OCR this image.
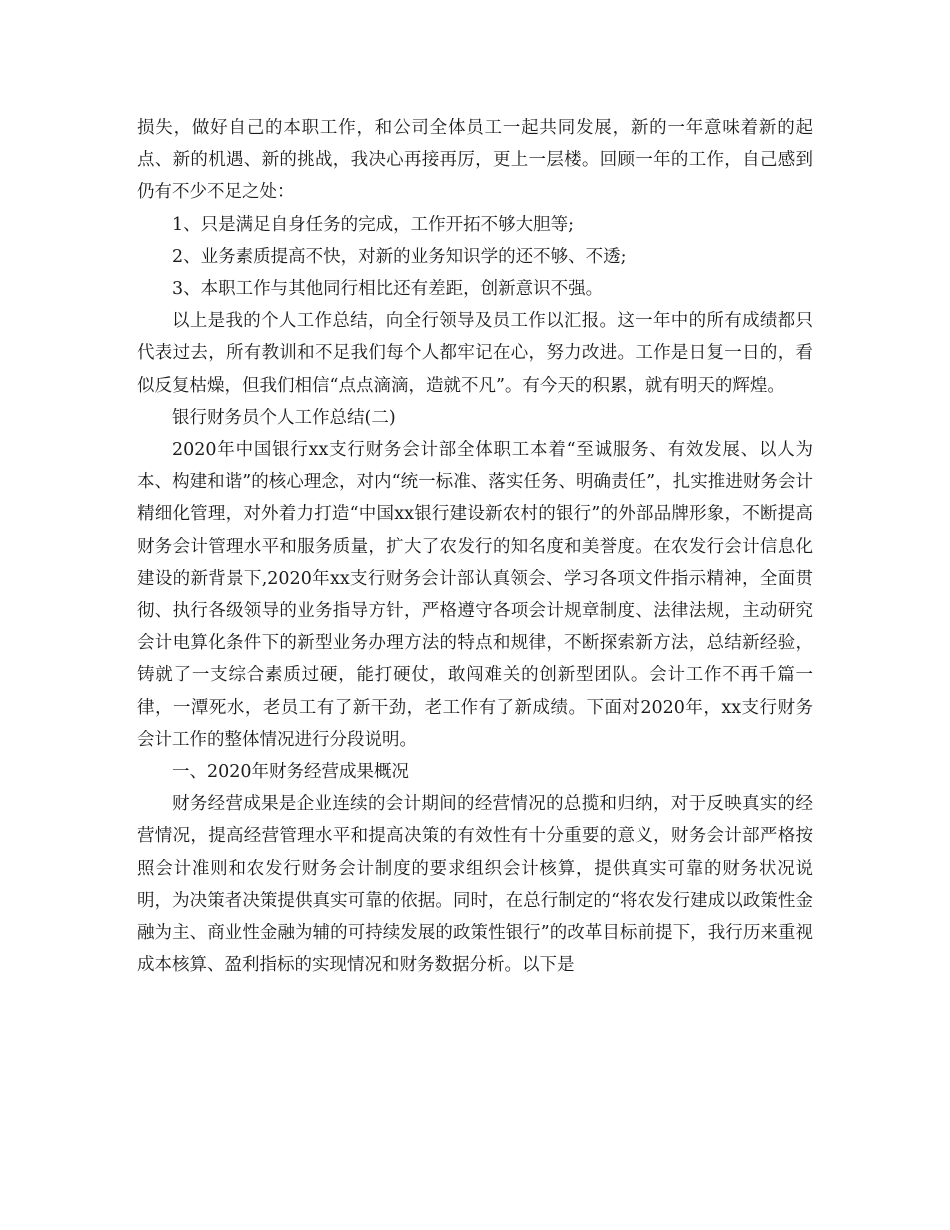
损失，做好自己的本职工作，和公司全体员工一起共同发展，新的一年意味着新的起点、新的机遇、新的挑战，我决心再接再厉，更上一层楼。回顾一年的工作，自己感到仍有不少不足之处：

1、只是满足自身任务的完成，工作开拓不够大胆等;

2、业务素质提高不快，对新的业务知识学的还不够、不透;

3、本职工作与其他同行相比还有差距，创新意识不强。

以上是我的个人工作总结，向全行领导及员工作以汇报。这一年中的所有成绩都只代表过去，所有教训和不足我们每个人都牢记在心，努力改进。工作是日复一日的，看似反复枯燥，但我们相信“点点滴滴，造就不凡”。有今天的积累，就有明天的辉煌。

银行财务员个人工作总结(二)

2020年中国银行xx支行财务会计部全体职工本着“至诚服务、有效发展、以人为本、构建和谐”的核心理念，对内“统一标准、落实任务、明确责任”，扎实推进财务会计精细化管理，对外着力打造“中国xx银行建设新农村的银行”的外部品牌形象，不断提高财务会计管理水平和服务质量，扩大了农发行的知名度和美誉度。在农发行会计信息化建设的新背景下,2020年xx支行财务会计部认真领会、学习各项文件指示精神，全面贯彻、执行各级领导的业务指导方针，严格遵守各项会计规章制度、法律法规，主动研究会计电算化条件下的新型业务办理方法的特点和规律，不断探索新方法，总结新经验，铸就了一支综合素质过硬，能打硬仗，敢闯难关的创新型团队。会计工作不再千篇一律，一潭死水，老员工有了新干劲，老工作有了新成绩。下面对2020年，xx支行财务会计工作的整体情况进行分段说明。

一、2020年财务经营成果概况

财务经营成果是企业连续的会计期间的经营情况的总揽和归纳，对于反映真实的经营情况，提高经营管理水平和提高决策的有效性有十分重要的意义，财务会计部严格按照会计准则和农发行财务会计制度的要求组织会计核算，提供真实可靠的财务状况说明，为决策者决策提供真实可靠的依据。同时，在总行制定的“将农发行建成以政策性金融为主、商业性金融为辅的可持续发展的政策性银行”的改革目标前提下，我行历来重视成本核算、盈利指标的实现情况和财务数据分析。以下是
